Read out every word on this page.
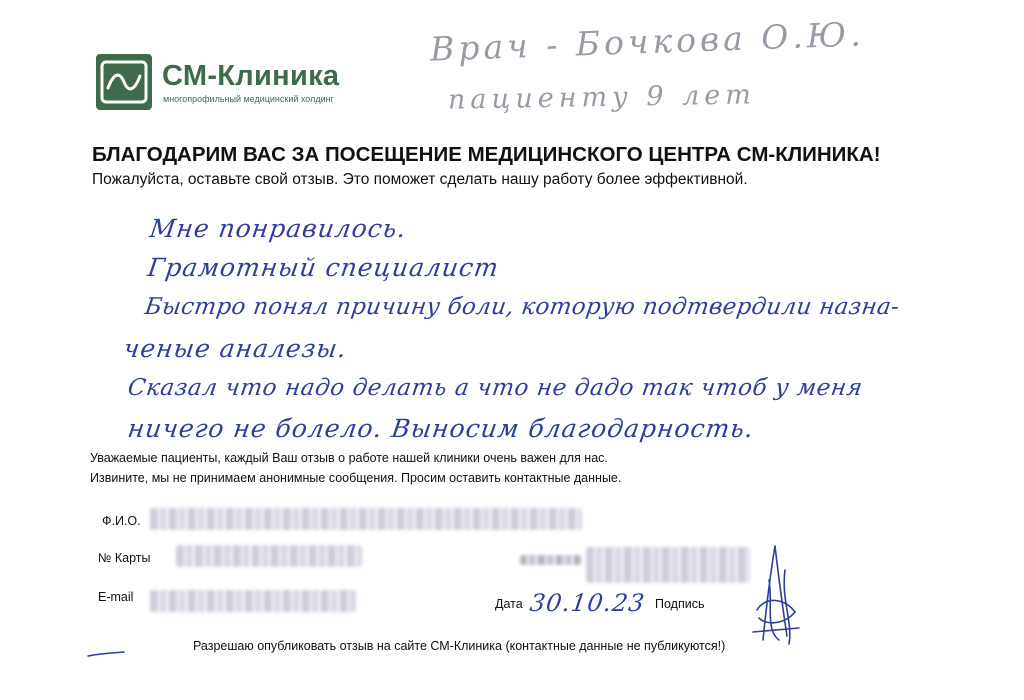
СМ-Клиника
многопрофильный медицинский холдинг
Врач - Бочкова О.Ю.
пациенту 9 лет
БЛАГОДАРИМ ВАС ЗА ПОСЕЩЕНИЕ МЕДИЦИНСКОГО ЦЕНТРА СМ-КЛИНИКА!
Пожалуйста, оставьте свой отзыв. Это поможет сделать нашу работу более эффективной.
Мне понравилось.
Грамотный специалист
Быстро понял причину боли, которую подтвердили назна-
ченые аналезы.
Сказал что надо делать а что не дадо так чтоб у меня
ничего не болело. Выносим благодарность.
Уважаемые пациенты, каждый Ваш отзыв о работе нашей клиники очень важен для нас.
Извините, мы не принимаем анонимные сообщения. Просим оставить контактные данные.
Ф.И.О.
№ Карты
E-mail	Дата 30.10.23 Подпись
Разрешаю опубликовать отзыв на сайте СМ-Клиника (контактные данные не публикуются!)
